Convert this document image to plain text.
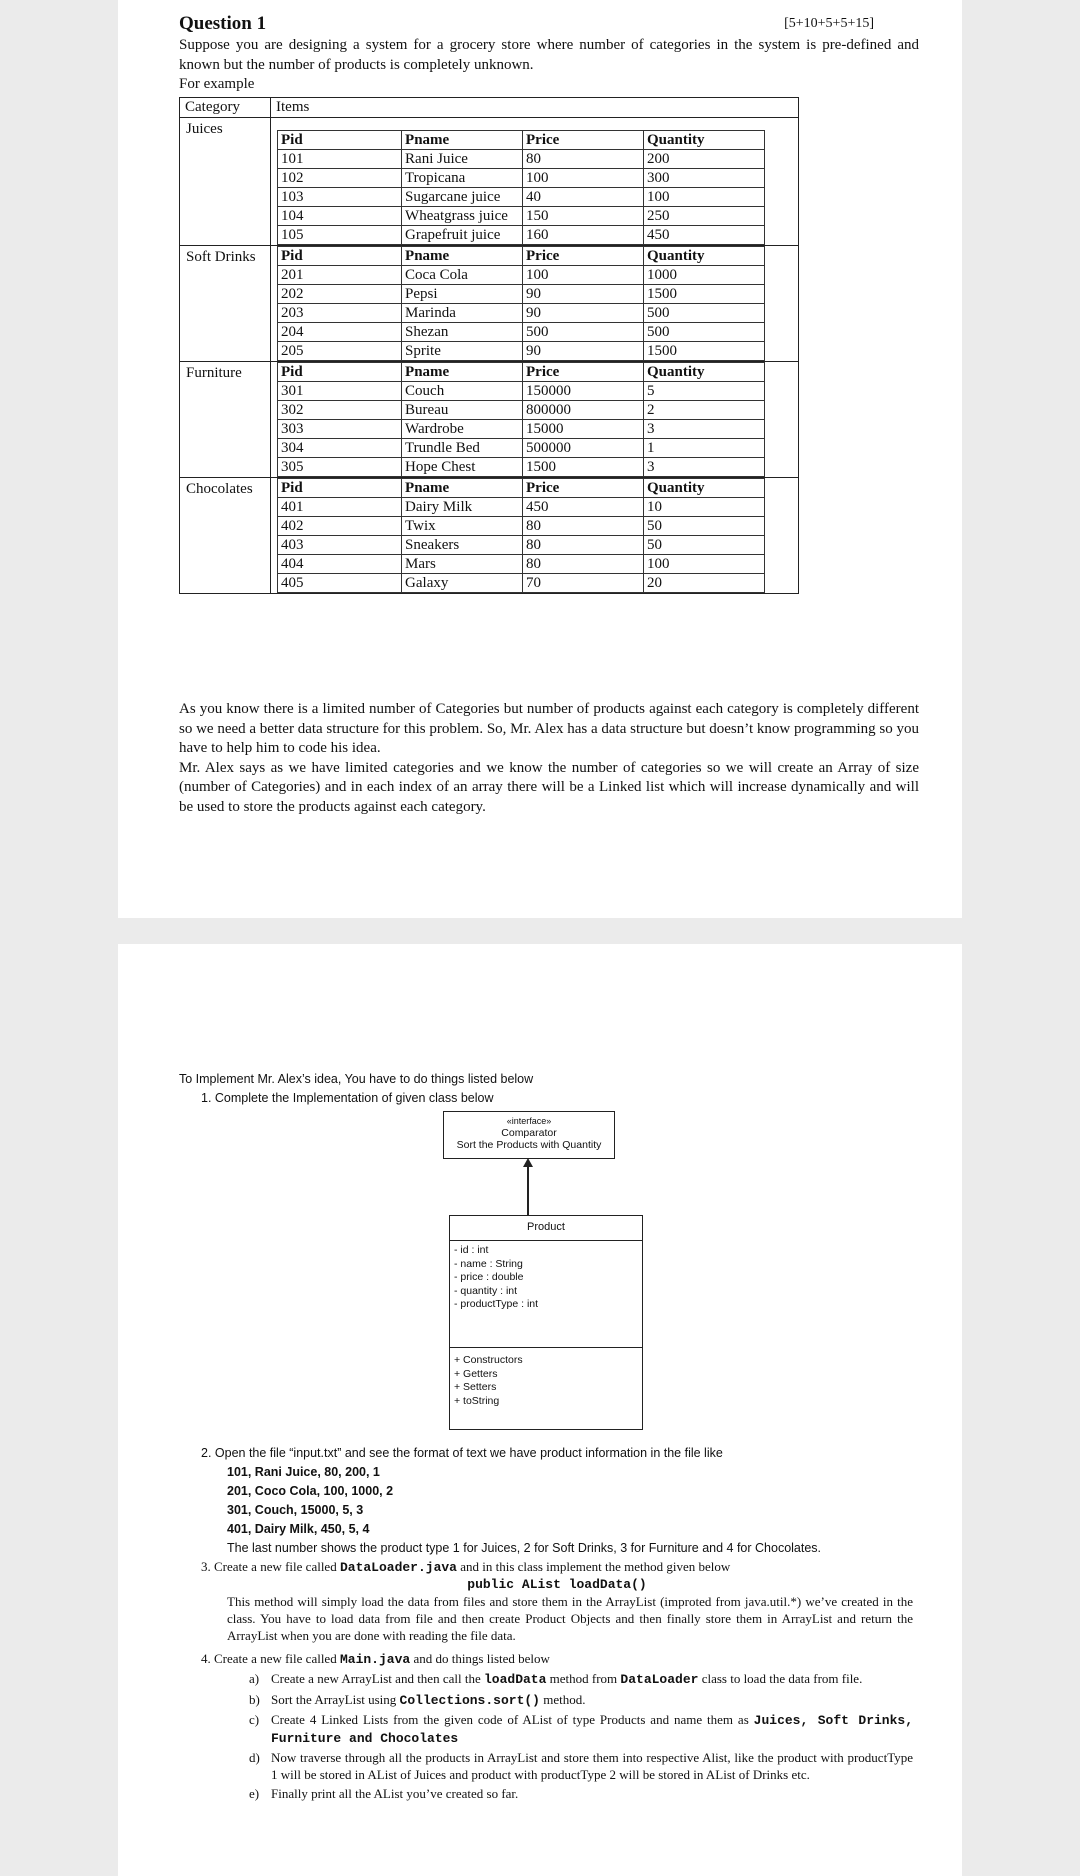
Question 1	[5+10+5+5+15]

Suppose you are designing a system for a grocery store where number of categories in the system is pre-defined and known but the number of products is completely unknown.

For example

Category	Items
Juices	
Pid	Pname	Price	Quantity
101	Rani Juice	80	200
102	Tropicana	100	300
103	Sugarcane juice	40	100
104	Wheatgrass juice	150	250
105	Grapefruit juice	160	450

Soft Drinks	Pid	Pname	Price	Quantity
201	Coca Cola	100	1000
202	Pepsi	90	1500
203	Marinda	90	500
204	Shezan	500	500
205	Sprite	90	1500

Furniture		Pid	Pname	Price	Quantity
301	Couch	150000	5
302	Bureau	800000	2
303	Wardrobe	15000	3
304	Trundle Bed	500000	1
305	Hope Chest	1500	3

Chocolates	Pid	Pname	Price	Quantity
401	Dairy Milk	450	10
402	Twix	80	50
403	Sneakers	80	50
404	Mars	80	100
405	Galaxy	70	20

As you know there is a limited number of Categories but number of products against each category is completely different so we need a better data structure for this problem. So, Mr. Alex has a data structure but doesn’t know programming so you have to help him to code his idea.

Mr. Alex says as we have limited categories and we know the number of categories so we will create an Array of size (number of Categories) and in each index of an array there will be a Linked list which will increase dynamically and will be used to store the products against each category.

To Implement Mr. Alex’s idea, You have to do things listed below
1. Complete the Implementation of given class below
«interface»
Comparator
Sort the Products with Quantity
Product
- id : int
- name : String
- price : double
- quantity : int
- productType : int
+ Constructors
+ Getters
+ Setters
+ toString
2. Open the file “input.txt” and see the format of text we have product information in the file like
101, Rani Juice, 80, 200, 1
201, Coco Cola, 100, 1000, 2
301, Couch, 15000, 5, 3
401, Dairy Milk, 450, 5, 4
The last number shows the product type 1 for Juices, 2 for Soft Drinks, 3 for Furniture and 4 for Chocolates.
3. Create a new file called DataLoader.java and in this class implement the method given below
public AList loadData()
This method will simply load the data from files and store them in the ArrayList (improted from java.util.*) we’ve created in the class. You have to load data from file and then create Product Objects and then finally store them in ArrayList and return the ArrayList when you are done with reading the file data.
4. Create a new file called Main.java and do things listed below
a) Create a new ArrayList and then call the loadData method from DataLoader class to load the data from file.
b) Sort the ArrayList using Collections.sort() method.
c) Create 4 Linked Lists from the given code of AList of type Products and name them as Juices, Soft Drinks, Furniture and Chocolates
d) Now traverse through all the products in ArrayList and store them into respective Alist, like the product with productType 1 will be stored in AList of Juices and product with productType 2 will be stored in AList of Drinks etc.
e) Finally print all the AList you’ve created so far.
